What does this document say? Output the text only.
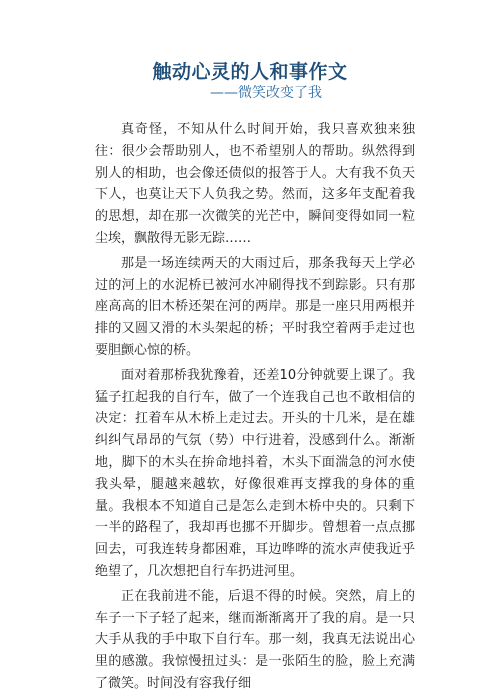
触动心灵的人和事作文
——微笑改变了我

真奇怪，不知从什么时间开始，我只喜欢独来独往：很少会帮助别人，也不希望别人的帮助。纵然得到别人的相助，也会像还债似的报答于人。大有我不负天下人，也莫让天下人负我之势。然而，这多年支配着我的思想，却在那一次微笑的光芒中，瞬间变得如同一粒尘埃，飘散得无影无踪……

那是一场连续两天的大雨过后，那条我每天上学必过的河上的水泥桥已被河水冲刷得找不到踪影。只有那座高高的旧木桥还架在河的两岸。那是一座只用两根并排的又圆又滑的木头架起的桥；平时我空着两手走过也要胆颤心惊的桥。

面对着那桥我犹豫着，还差10分钟就要上课了。我猛子扛起我的自行车，做了一个连我自己也不敢相信的决定：扛着车从木桥上走过去。开头的十几米，是在雄纠纠气昂昂的气氛（势）中行进着，没感到什么。渐渐地，脚下的木头在拚命地抖着，木头下面湍急的河水使我头晕，腿越来越软，好像很难再支撑我的身体的重量。我根本不知道自己是怎么走到木桥中央的。只剩下一半的路程了，我却再也挪不开脚步。曾想着一点点挪回去，可我连转身都困难，耳边哗哗的流水声使我近乎绝望了，几次想把自行车扔进河里。

正在我前进不能，后退不得的时候。突然，肩上的车子一下子轻了起来，继而渐渐离开了我的肩。是一只大手从我的手中取下自行车。那一刻，我真无法说出心里的感激。我惊慢扭过头：是一张陌生的脸，脸上充满了微笑。时间没有容我仔细
